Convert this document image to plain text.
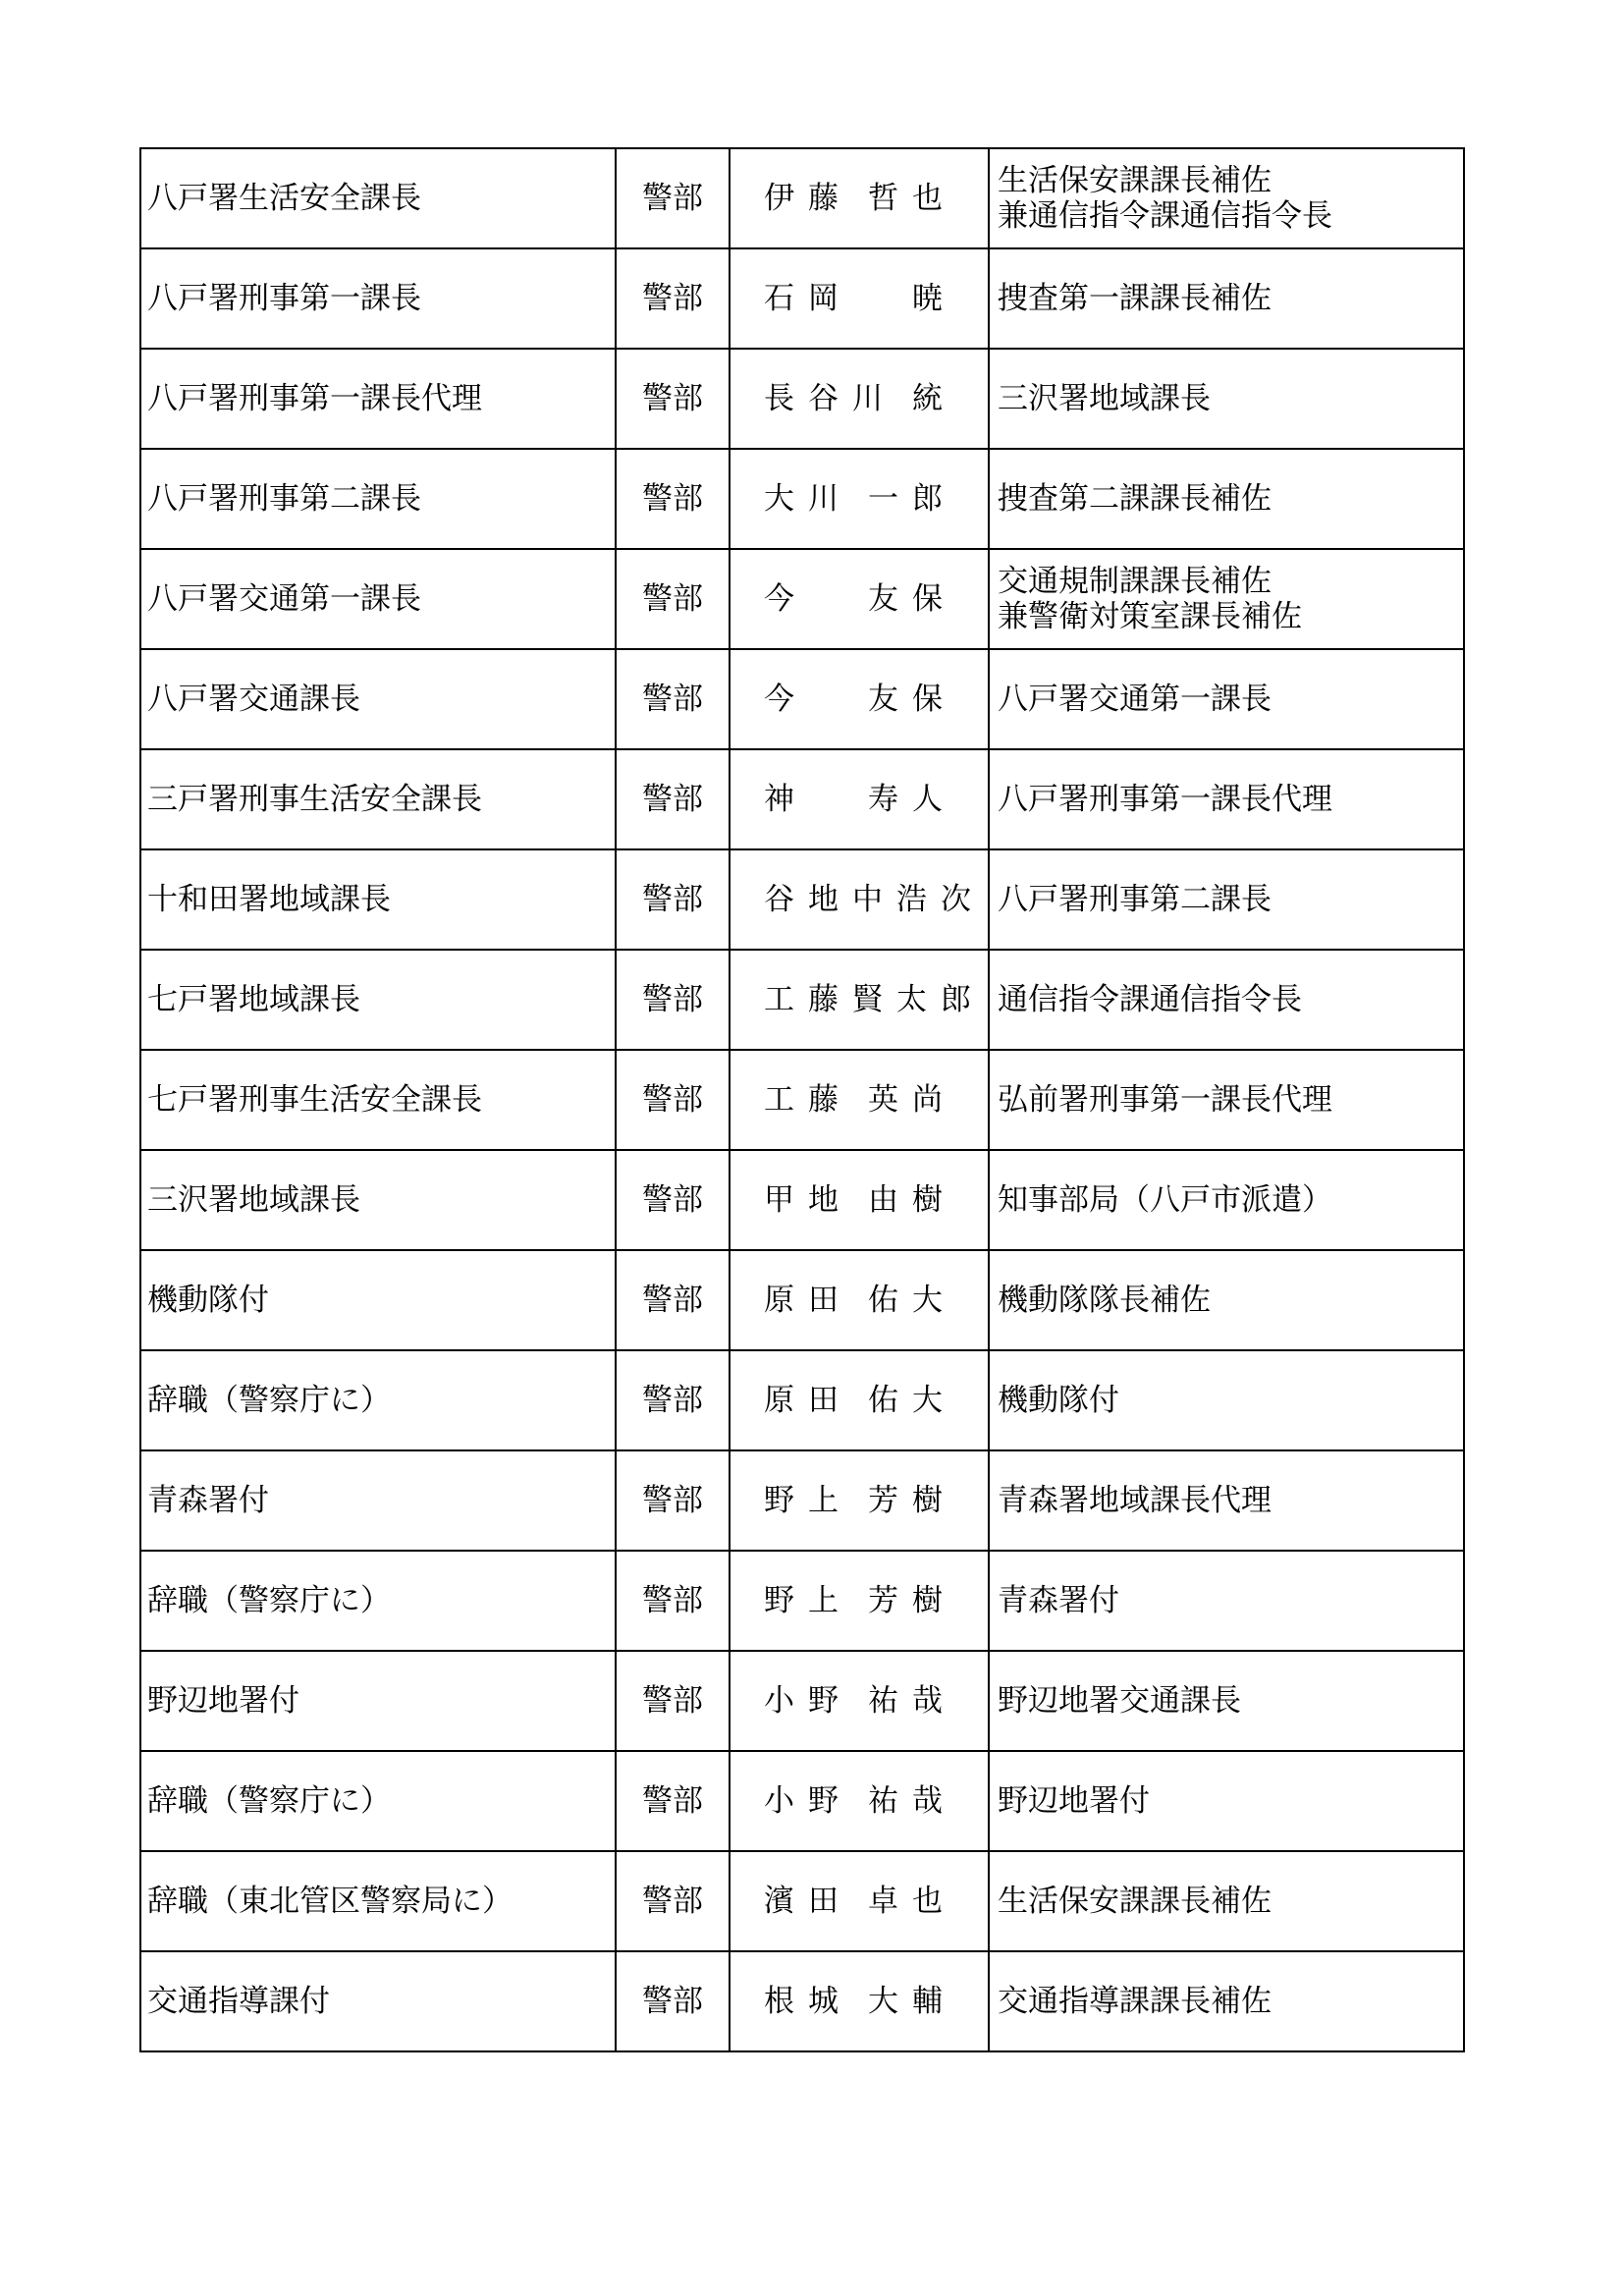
八戸署生活安全課長	警部	伊藤 哲也	生活保安課課長補佐
兼通信指令課通信指令長

八戸署刑事第一課長	警部	石岡 暁	捜査第一課課長補佐

八戸署刑事第一課長代理	警部	長谷川 統	三沢署地域課長

八戸署刑事第二課長	警部	大川 一郎	捜査第二課課長補佐

八戸署交通第一課長	警部	今 友保	交通規制課課長補佐
兼警衛対策室課長補佐

八戸署交通課長	警部	今 友保	八戸署交通第一課長

三戸署刑事生活安全課長	警部	神 寿人	八戸署刑事第一課長代理

十和田署地域課長	警部	谷地中 浩次	八戸署刑事第二課長

七戸署地域課長	警部	工藤 賢太郎	通信指令課通信指令長

七戸署刑事生活安全課長	警部	工藤 英尚	弘前署刑事第一課長代理

三沢署地域課長	警部	甲地 由樹	知事部局（八戸市派遣）

機動隊付	警部	原田 佑大	機動隊隊長補佐

辞職（警察庁に）	警部	原田 佑大	機動隊付

青森署付	警部	野上 芳樹	青森署地域課長代理

辞職（警察庁に）	警部	野上 芳樹	青森署付

野辺地署付	警部	小野 祐哉	野辺地署交通課長

辞職（警察庁に）	警部	小野 祐哉	野辺地署付

辞職（東北管区警察局に）	警部	濱田 卓也	生活保安課課長補佐

交通指導課付	警部	根城 大輔	交通指導課課長補佐
